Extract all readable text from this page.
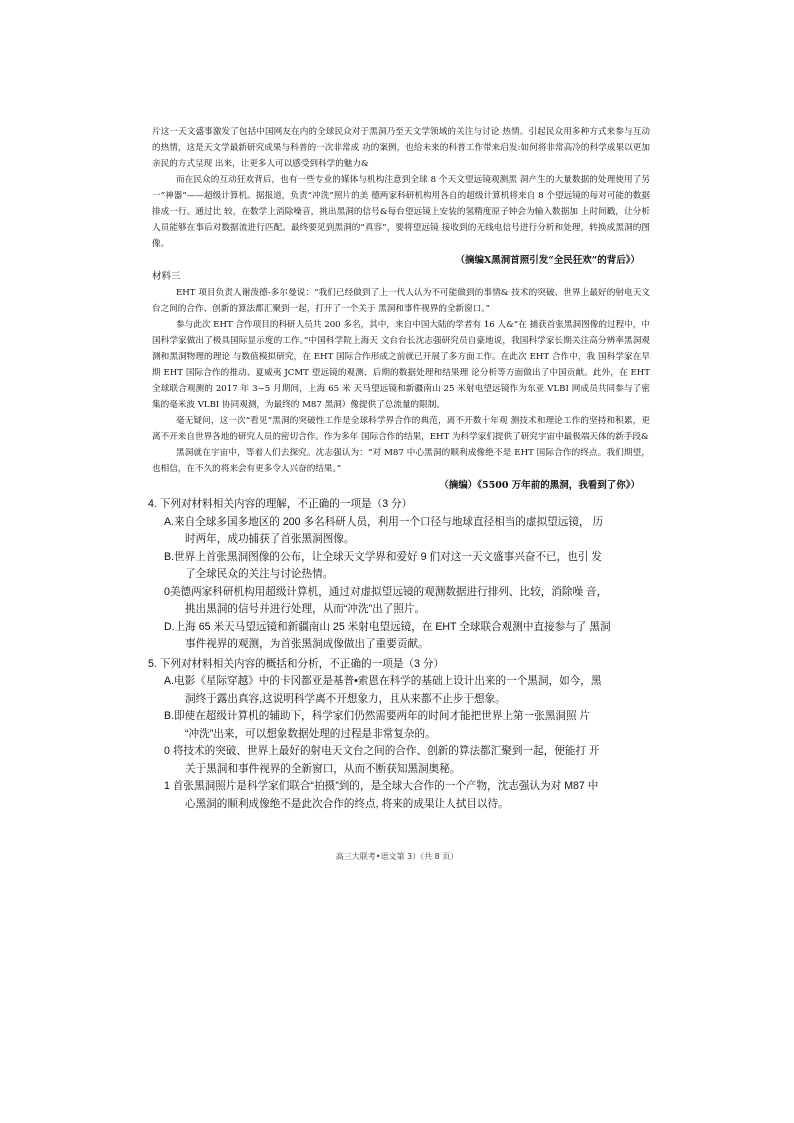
片这一天文盛事激发了包括中国网友在内的全球民众对于黑洞乃至天文学领域的关注与讨论 热情。引起民众用多种方式来参与互动的热情，这是天文学最新研究成果与科普的一次非常成 功的案例，也给未来的科普工作带来启发:如何将非常高冷的科学成果以更加亲民的方式呈现 出来，让更多人可以感受到科学的魅力&

而在民众的互动狂欢背后，也有一些专业的媒体与机构注意到全球 8 个天文望远镜观测黑 洞产生的大量数据的处理使用了另一“神器”——超级计算机。据报道，负责“冲洗”照片的美 德两家科研机构用各自的超级计算机将来自 8 个望远镜的每对可能的数据排成一行。通过比 较，在数学上消除噪音，挑出黑洞的信号&每台望远镜上安装的氢精度原子钟会为输入数据加 上时间戳，让分析人员能够在事后对数据流进行匹配。最终要见到黑洞的“真容”，要将望远镜 接收到的无线电信号进行分析和处理，转换成黑洞的图像。

（摘编Ⅹ黑洞首照引发“全民狂欢”的背后》）

材料三

EHT 项目负责人谢泼德-多尔曼说：“我们已经做到了上一代人认为不可能做到的事情& 技术的突破、世界上最好的射电天文台之间的合作、创新的算法都汇聚到一起，打开了一个关于 黑洞和事件视界的全新窗口。”

参与此次 EHT 合作项目的科研人员共 200 多名，其中，来自中国大陆的学者有 16 人&“在 捕获首张黑洞图像的过程中，中国科学家做出了极具国际显示度的工作。”中国科学院上海天 文台台长沈志强研究员自豪地说，我国科学家长期关注高分辨率黑洞观测和黑洞物理的理论 与数值模拟研究，在 EHT 国际合作形成之前就已开展了多方面工作。在此次 EHT 合作中，我 国科学家在早期 EHT 国际合作的推动、夏威夷 JCMT 望远镜的观测、后期的数据处理和结果理 论分析等方面做出了中国贡献。此外，在 EHT 全球联合观测的 2017 年 3~5 月期间，上海 65 米 天马望远镜和新疆南山 25 米射电望远镜作为东亚 VLBI 网成员共同参与了密集的毫米波 VLBI 协同观测，为最终的 M87 黑洞）像提供了总流量的限制。

毫无疑问，这一次“看见”黑洞的突破性工作是全球科学界合作的典范，离不开数十年观 测技术和理论工作的坚持和积累，更离不开来自世界各地的研究人员的密切合作。作为多年 国际合作的结果，EHT 为科学家们提供了研究宇宙中最极端天体的新手段&

黑洞就在宇宙中，等着人们去探究。沈志强认为：“对 M87 中心黑洞的顺利成像绝不是 EHT 国际合作的终点。我们期望，也相信，在不久的将来会有更多令人兴奋的结果。”

（摘编）《5500 万年前的黑洞，我看到了你》）

4. 下列对材料相关内容的理解，不正确的一项是（3 分）

A.来自全球多国多地区的 200 多名科研人员，利用一个口径与地球直径相当的虚拟望远镜， 历

时两年，成功捕获了首张黑洞图像。

B.世界上首张黑洞图像的公布，让全球天文学界和爱好 9 们对这一天文盛事兴奋不已，也引 发

了全球民众的关注与讨论热情。

0美德两家科研机构用超级计算机，通过对虚拟望远镜的观测数据进行排列、比较，消除噪 音，

挑出黑洞的信号并进行处理，从而“冲洗”出了照片。

D.上海 65 米天马望远镜和新疆南山 25 米射电望远镜，在 EHT 全球联合观测中直接参与了 黑洞

事件视界的观测，为首张黑洞成像做出了重要贡献。

5. 下列对材料相关内容的概括和分析，不正确的一项是（3 分）

A.电影《星际穿越》中的卡冈都亚是基普•索恩在科学的基础上设计出来的一个黑洞，如今，黑

洞终于露出真容,这说明科学离不开想象力，且从来都不止步于想象。

B.即使在超级计算机的辅助下，科学家们仍然需要两年的时间才能把世界上第一张黑洞照 片

“冲洗”出来，可以想象数据处理的过程是非常复杂的。

0 将技术的突破、世界上最好的射电天文台之间的合作、创新的算法都汇聚到一起，便能打 开

关于黑洞和事件视界的全新窗口，从而不断获知黑洞奥秘。

1 首张黑洞照片是科学家们联合“拍摄”到的，是全球大合作的一个产物，沈志强认为对 M87 中

心黑洞的顺利成像绝不是此次合作的终点, 将来的成果让人拭目以待。

高三大联考•语文第 3）（共 8 页）
